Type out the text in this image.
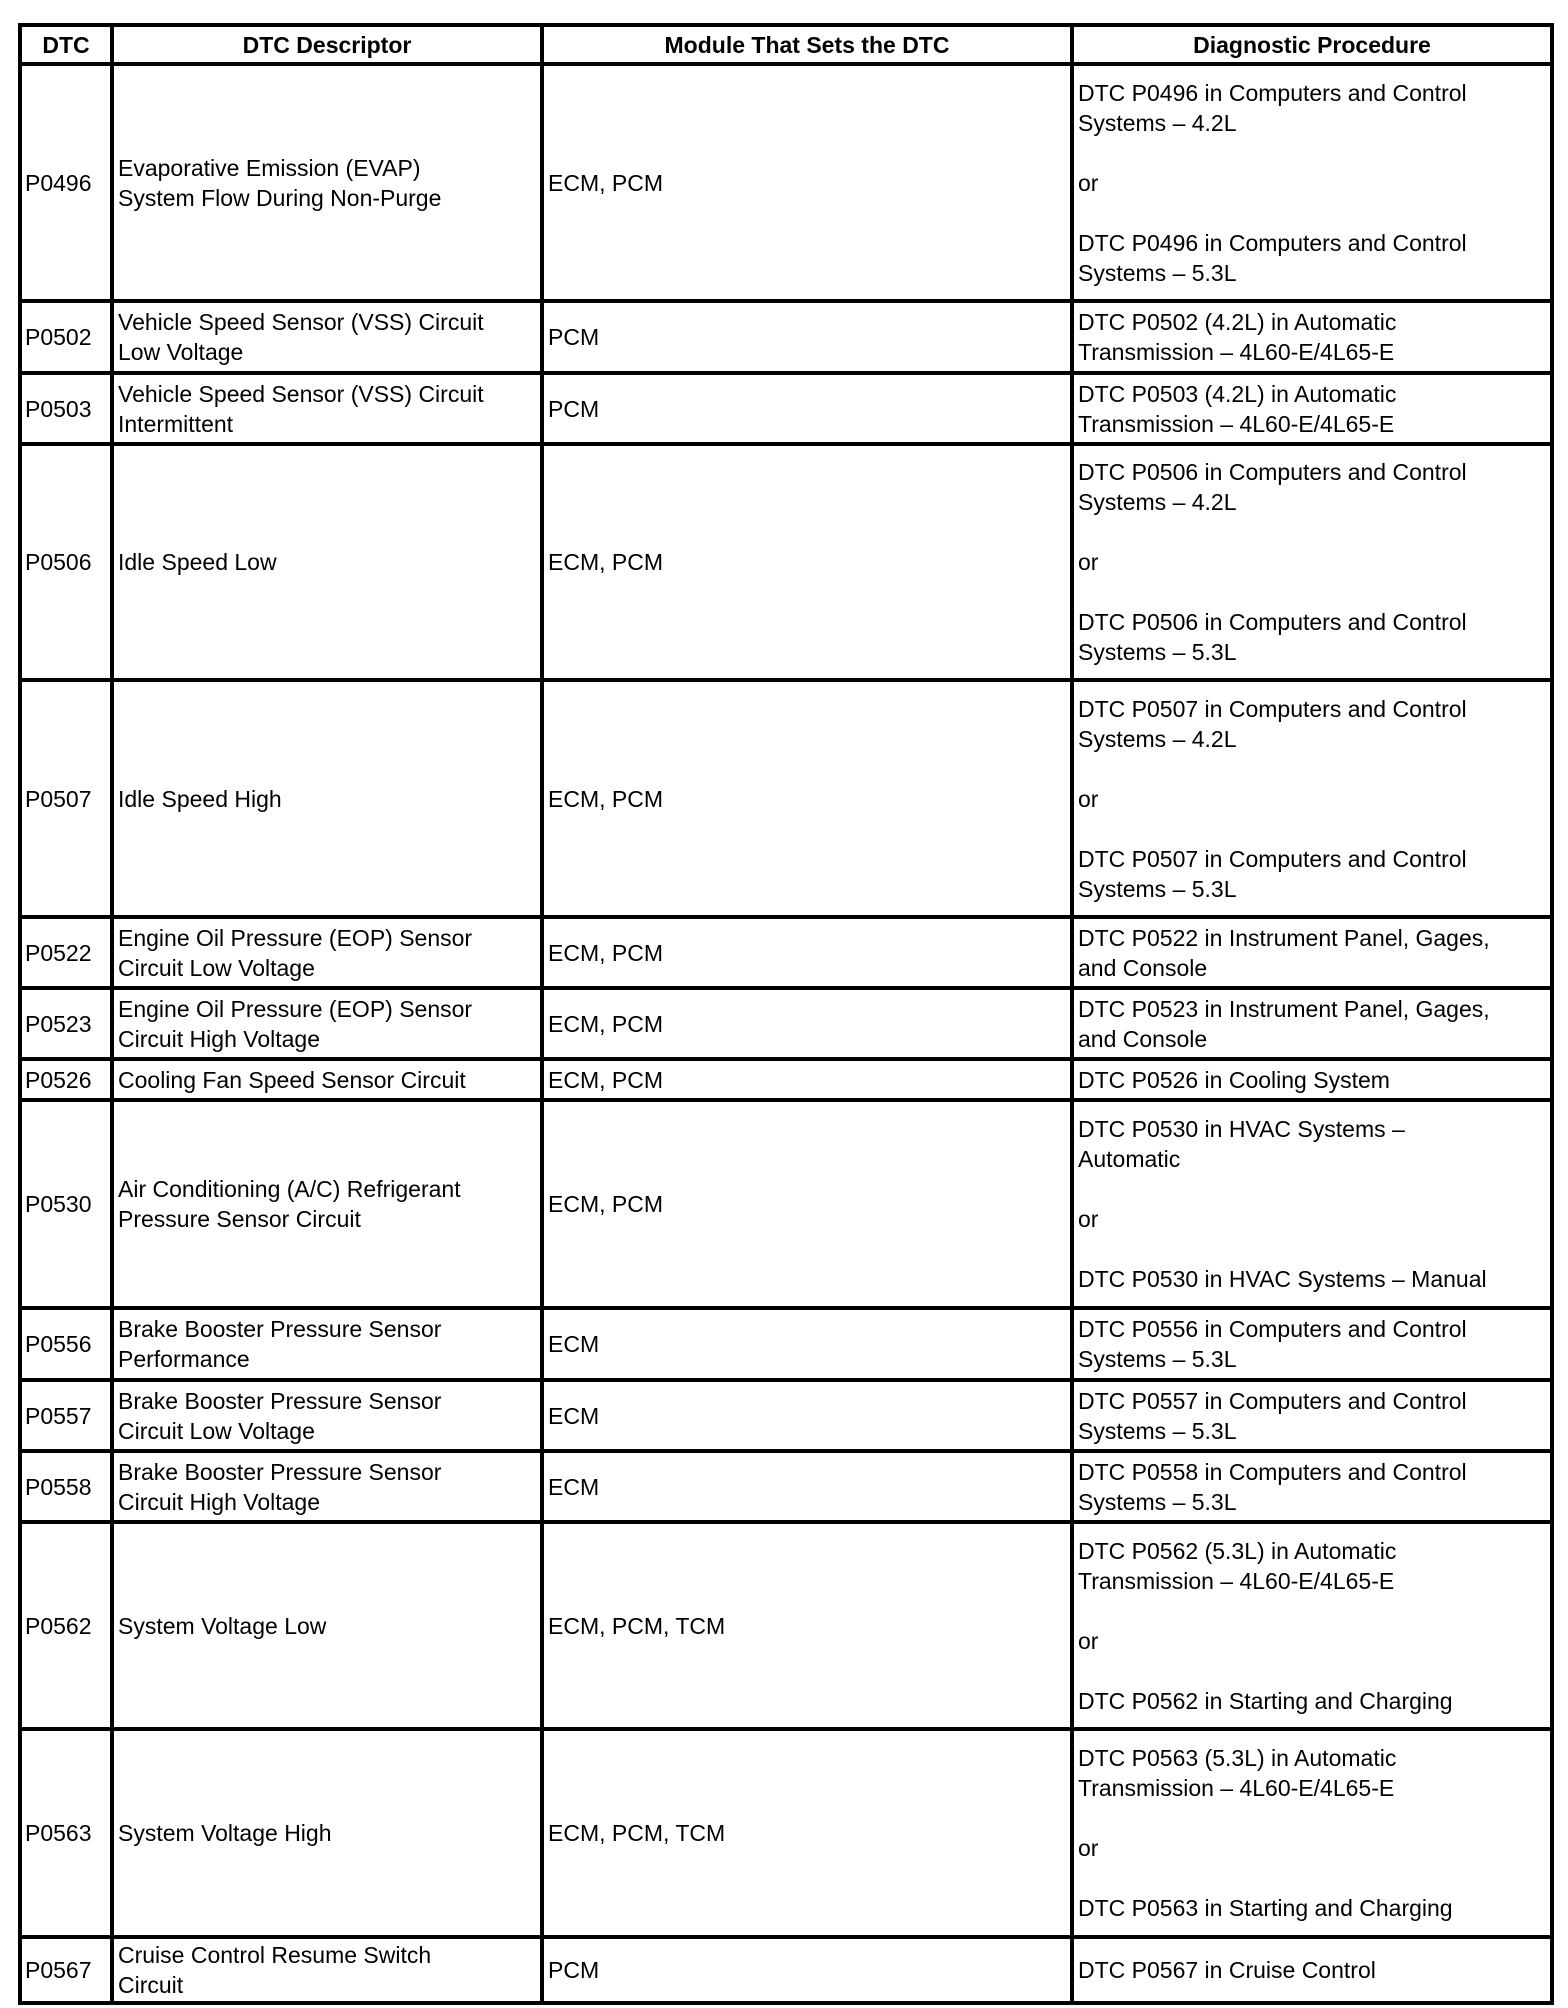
DTC	DTC Descriptor	Module That Sets the DTC	Diagnostic Procedure
P0496	Evaporative Emission (EVAP)
System Flow During Non-Purge	ECM, PCM	DTC P0496 in Computers and Control
Systems – 4.2L

or

DTC P0496 in Computers and Control
Systems – 5.3L
P0502	Vehicle Speed Sensor (VSS) Circuit
Low Voltage	PCM	DTC P0502 (4.2L) in Automatic
Transmission – 4L60-E/4L65-E
P0503	Vehicle Speed Sensor (VSS) Circuit
Intermittent	PCM	DTC P0503 (4.2L) in Automatic
Transmission – 4L60-E/4L65-E
P0506	Idle Speed Low	ECM, PCM	DTC P0506 in Computers and Control
Systems – 4.2L

or

DTC P0506 in Computers and Control
Systems – 5.3L
P0507	Idle Speed High	ECM, PCM	DTC P0507 in Computers and Control
Systems – 4.2L

or

DTC P0507 in Computers and Control
Systems – 5.3L
P0522	Engine Oil Pressure (EOP) Sensor
Circuit Low Voltage	ECM, PCM	DTC P0522 in Instrument Panel, Gages,
and Console
P0523	Engine Oil Pressure (EOP) Sensor
Circuit High Voltage	ECM, PCM	DTC P0523 in Instrument Panel, Gages,
and Console
P0526	Cooling Fan Speed Sensor Circuit	ECM, PCM	DTC P0526 in Cooling System
P0530	Air Conditioning (A/C) Refrigerant
Pressure Sensor Circuit	ECM, PCM	DTC P0530 in HVAC Systems –
Automatic

or

DTC P0530 in HVAC Systems – Manual
P0556	Brake Booster Pressure Sensor
Performance	ECM	DTC P0556 in Computers and Control
Systems – 5.3L
P0557	Brake Booster Pressure Sensor
Circuit Low Voltage	ECM	DTC P0557 in Computers and Control
Systems – 5.3L
P0558	Brake Booster Pressure Sensor
Circuit High Voltage	ECM	DTC P0558 in Computers and Control
Systems – 5.3L
P0562	System Voltage Low	ECM, PCM, TCM	DTC P0562 (5.3L) in Automatic
Transmission – 4L60-E/4L65-E

or

DTC P0562 in Starting and Charging
P0563	System Voltage High	ECM, PCM, TCM	DTC P0563 (5.3L) in Automatic
Transmission – 4L60-E/4L65-E

or

DTC P0563 in Starting and Charging
P0567	Cruise Control Resume Switch
Circuit	PCM	DTC P0567 in Cruise Control
